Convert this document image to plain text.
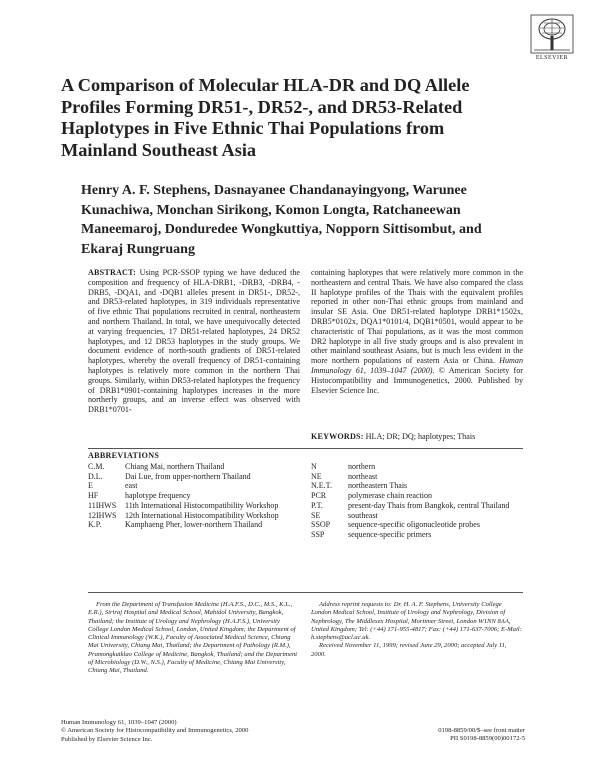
ELSEVIER
A Comparison of Molecular HLA-DR and DQ Allele Profiles Forming DR51-, DR52-, and DR53-Related Haplotypes in Five Ethnic Thai Populations from Mainland Southeast Asia

Henry A. F. Stephens, Dasnayanee Chandanayingyong, Warunee Kunachiwa, Monchan Sirikong, Komon Longta, Ratchaneewan Maneemaroj, Donduredee Wongkuttiya, Nopporn Sittisombut, and Ekaraj Rungruang

ABSTRACT: Using PCR-SSOP typing we have deduced the composition and frequency of HLA-DRB1, -DRB3, -DRB4, -DRB5, -DQA1, and -DQB1 alleles present in DR51-, DR52-, and DR53-related haplotypes, in 319 individuals representative of five ethnic Thai populations recruited in central, northeastern and northern Thailand. In total, we have unequivocally detected at varying frequencies, 17 DR51-related haplotypes, 24 DR52 haplotypes, and 12 DR53 haplotypes in the study groups. We document evidence of north-south gradients of DR51-related haplotypes, whereby the overall frequency of DR51-containing haplotypes is relatively more common in the northern Thai groups. Similarly, within DR53-related haplotypes the frequency of DRB1*0901-containing haplotypes increases in the more northerly groups, and an inverse effect was observed with DRB1*0701-

containing haplotypes that were relatively more common in the northeastern and central Thais. We have also compared the class II haplotype profiles of the Thais with the equivalent profiles reported in other non-Thai ethnic groups from mainland and insular SE Asia. One DR51-related haplotype DRB1*1502x, DRB5*0102x, DQA1*0101/4, DQB1*0501, would appear to be characteristic of Thai populations, as it was the most common DR2 haplotype in all five study groups and is also prevalent in other mainland southeast Asians, but is much less evident in the more northern populations of eastern Asia or China. Human Immunology 61, 1039–1047 (2000). © American Society for Histocompatibility and Immunogenetics, 2000. Published by Elsevier Science Inc.

KEYWORDS: HLA; DR; DQ; haplotypes; Thais
ABBREVIATIONS
C.M.	Chiang Mai, northern Thailand
D.L.	Dai Lue, from upper-northern Thailand
E	east
HF	haplotype frequency
11IHWS	11th International Histocompatibility Workshop
12IHWS	12th International Histocompatibility Workshop
K.P.	Kamphaeng Pher, lower-northern Thailand
N	northern
NE	northeast
N.E.T.	northeastern Thais
PCR	polymerase chain reaction
P.T.	present-day Thais from Bangkok, central Thailand
SE	southeast
SSOP	sequence-specific oligonucleotide probes
SSP	sequence-specific primers

From the Department of Transfusion Medicine (H.A.F.S., D.C., M.S., K.L., E.R.), Siriraj Hospital and Medical School, Mahidol University, Bangkok, Thailand; the Institute of Urology and Nephrology (H.A.F.S.), University College London Medical School, London, United Kingdom; the Department of Clinical Immunology (W.K.), Faculty of Associated Medical Science, Chiang Mai University, Chiang Mai, Thailand; the Department of Pathology (R.M.), Pramongkutklao College of Medicine, Bangkok, Thailand; and the Department of Microbiology (D.W., N.S.), Faculty of Medicine, Chiang Mai University, Chiang Mai, Thailand.

Address reprint requests to: Dr. H. A. F. Stephens, University College London Medical School, Institute of Urology and Nephrology, Division of Nephrology, The Middlesex Hospital, Mortimer Street, London W1NN 8AA, United Kingdom; Tel: (+44) 171-955-4817; Fax: (+44) 171-637-7006; E-Mail: h.stephens@ucl.ac.uk.

Received November 11, 1999; revised June 29, 2000; accepted July 11, 2000.

Human Immunology 61, 1039–1047 (2000)
© American Society for Histocompatibility and Immunogenetics, 2000
Published by Elsevier Science Inc.
0198-8859/00/$–see front matter
PII S0198-8859(00)00172-5
